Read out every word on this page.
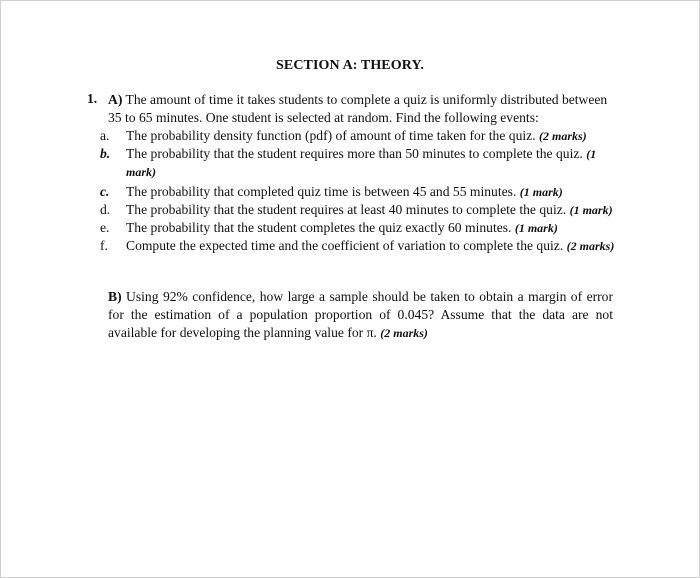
SECTION A: THEORY.
1. A) The amount of time it takes students to complete a quiz is uniformly distributed between 35 to 65 minutes. One student is selected at random. Find the following events:
a.	The probability density function (pdf) of amount of time taken for the quiz. (2 marks)
b.	The probability that the student requires more than 50 minutes to complete the quiz. (1 mark)
c.	The probability that completed quiz time is between 45 and 55 minutes. (1 mark)
d.	The probability that the student requires at least 40 minutes to complete the quiz. (1 mark)
e.	The probability that the student completes the quiz exactly 60 minutes. (1 mark)
f.	Compute the expected time and the coefficient of variation to complete the quiz. (2 marks)
B) Using 92% confidence, how large a sample should be taken to obtain a margin of error for the estimation of a population proportion of 0.045? Assume that the data are not available for developing the planning value for π. (2 marks)
